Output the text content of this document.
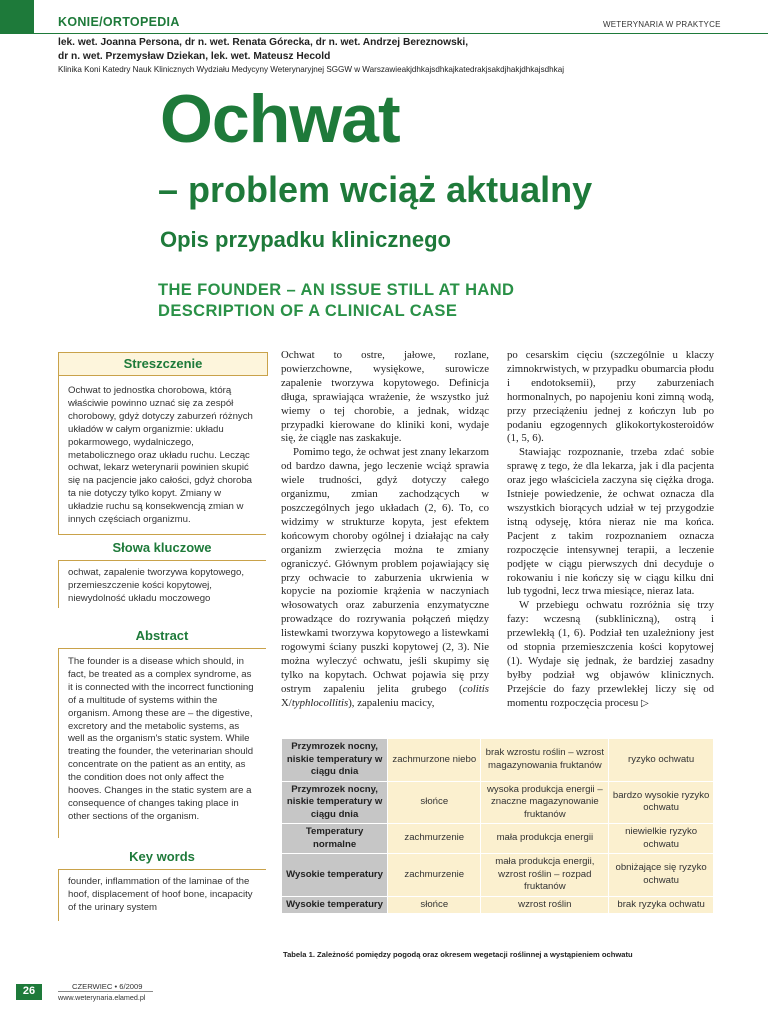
KONIE/ORTOPEDIA	WETERYNARIA W PRAKTYCE
lek. wet. Joanna Persona, dr n. wet. Renata Górecka, dr n. wet. Andrzej Bereznowski,
dr n. wet. Przemysław Dziekan, lek. wet. Mateusz Hecold
Klinika Koni Katedry Nauk Klinicznych Wydziału Medycyny Weterynaryjnej SGGW w Warszawieakjdhkajsdhkajkatedrakjsakdjhakjdhkajsdhkaj
Ochwat
– problem wciąż aktualny
Opis przypadku klinicznego
THE FOUNDER – AN ISSUE STILL AT HAND
DESCRIPTION OF A CLINICAL CASE
Streszczenie
Ochwat to jednostka chorobowa, którą właściwie powinno uznać się za zespół chorobowy, gdyż dotyczy zaburzeń różnych układów w całym organizmie: układu pokarmowego, wydalniczego, metabolicznego oraz układu ruchu. Lecząc ochwat, lekarz weterynarii powinien skupić się na pacjencie jako całości, gdyż choroba ta nie dotyczy tylko kopyt. Zmiany w układzie ruchu są konsekwencją zmian w innych częściach organizmu.
Słowa kluczowe
ochwat, zapalenie tworzywa kopytowego, przemieszczenie kości kopytowej, niewydolność układu moczowego
Abstract
The founder is a disease which should, in fact, be treated as a complex syndrome, as it is connected with the incorrect functioning of a multitude of systems within the organism. Among these are – the digestive, excretory and the metabolic systems, as well as the organism's static system. While treating the founder, the veterinarian should concentrate on the patient as an entity, as the condition does not only affect the hooves. Changes in the static system are a consequence of changes taking place in other sections of the organism.
Key words
founder, inflammation of the laminae of the hoof, displacement of hoof bone, incapacity of the urinary system

Ochwat to ostre, jałowe, rozlane, powierzchowne, wysiękowe, surowicze zapalenie tworzywa kopytowego. Definicja długa, sprawiająca wrażenie, że wszystko już wiemy o tej chorobie, a jednak, widząc przypadki kierowane do kliniki koni, wydaje się, że ciągle nas zaskakuje.

Pomimo tego, że ochwat jest znany lekarzom od bardzo dawna, jego leczenie wciąż sprawia wiele trudności, gdyż dotyczy całego organizmu, zmian zachodzących w poszczególnych jego układach (2, 6). To, co widzimy w strukturze kopyta, jest efektem końcowym choroby ogólnej i działając na cały organizm zwierzęcia można te zmiany ograniczyć. Głównym problem pojawiający się przy ochwacie to zaburzenia ukrwienia w kopycie na poziomie krążenia w naczyniach włosowatych oraz zaburzenia enzymatyczne prowadzące do rozrywania połączeń między listewkami tworzywa kopytowego a listewkami rogowymi ściany puszki kopytowej (2, 3). Nie można wyleczyć ochwatu, jeśli skupimy się tylko na kopytach. Ochwat pojawia się przy ostrym zapaleniu jelita grubego (colitis X/typhlocollitis), zapaleniu macicy,

po cesarskim cięciu (szczególnie u klaczy zimnokrwistych, w przypadku obumarcia płodu i endotoksemii), przy zaburzeniach hormonalnych, po napojeniu koni zimną wodą, przy przeciążeniu jednej z kończyn lub po podaniu egzogennych glikokortykosteroidów (1, 5, 6).

Stawiając rozpoznanie, trzeba zdać sobie sprawę z tego, że dla lekarza, jak i dla pacjenta oraz jego właściciela zaczyna się ciężka droga. Istnieje powiedzenie, że ochwat oznacza dla wszystkich biorących udział w tej przygodzie istną odyseję, która nieraz nie ma końca. Pacjent z takim rozpoznaniem oznacza rozpoczęcie intensywnej terapii, a leczenie podjęte w ciągu pierwszych dni decyduje o rokowaniu i nie kończy się w ciągu kilku dni lub tygodni, lecz trwa miesiące, nieraz lata.

W przebiegu ochwatu rozróżnia się trzy fazy: wczesną (subkliniczną), ostrą i przewlekłą (1, 6). Podział ten uzależniony jest od stopnia przemieszczenia kości kopytowej (1). Wydaje się jednak, że bardziej zasadny byłby podział wg objawów klinicznych. Przejście do fazy przewlekłej liczy się od momentu rozpoczęcia procesu ▷

Przymrozek nocny, niskie temperatury w ciągu dnia	zachmurzone niebo	brak wzrostu roślin – wzrost magazynowania fruktanów	ryzyko ochwatu
Przymrozek nocny, niskie temperatury w ciągu dnia	słońce	wysoka produkcja energii – znaczne magazynowanie fruktanów	bardzo wysokie ryzyko ochwatu
Temperatury normalne	zachmurzenie	mała produkcja energii	niewielkie ryzyko ochwatu
Wysokie temperatury	zachmurzenie	mała produkcja energii, wzrost roślin – rozpad fruktanów	obniżające się ryzyko ochwatu
Wysokie temperatury	słońce	wzrost roślin	brak ryzyka ochwatu
Tabela 1. Zależność pomiędzy pogodą oraz okresem wegetacji roślinnej a wystąpieniem ochwatu
26	CZERWIEC • 6/2009
www.weterynaria.elamed.pl
